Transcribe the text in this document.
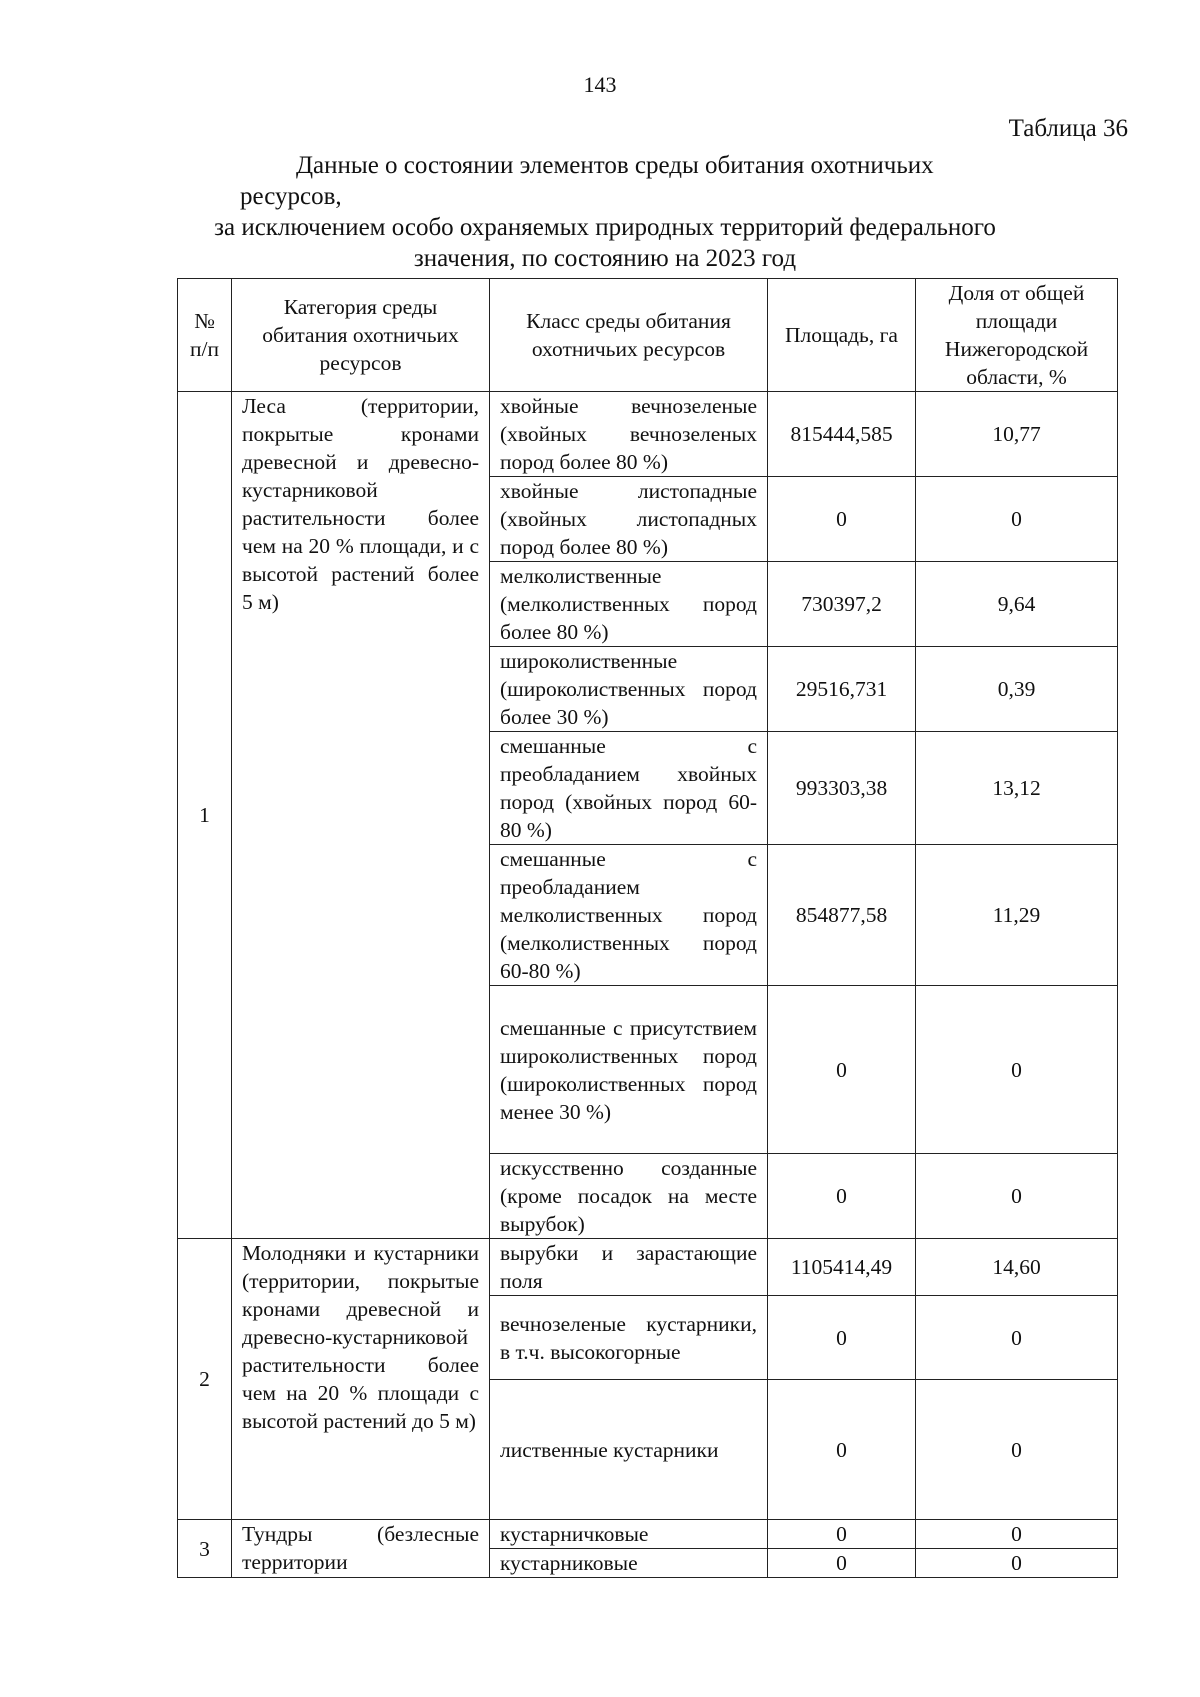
143
Таблица 36
Данные о состоянии элементов среды обитания охотничьих ресурсов,
за исключением особо охраняемых природных территорий федерального
значения, по состоянию на 2023 год
№ п/п	Категория среды обитания охотничьих ресурсов	Класс среды обитания охотничьих ресурсов	Площадь, га	Доля от общей площади Нижегородской области, %
1	Леса (территории, покрытые кронами древесной и древесно-кустарниковой растительности более чем на 20 % площади, и с высотой растений более 5 м)	хвойные вечнозеленые (хвойных вечнозеленых пород более 80 %)	815444,585	10,77
		хвойные листопадные (хвойных листопадных пород более 80 %)	0	0
		мелколиственные (мелколиственных пород более 80 %)	730397,2	9,64
		широколиственные (широколиственных пород более 30 %)	29516,731	0,39
		смешанные с преобладанием хвойных пород (хвойных пород 60-80 %)	993303,38	13,12
		смешанные с преобладанием мелколиственных пород (мелколиственных пород 60-80 %)	854877,58	11,29
		смешанные с присутствием широколиственных пород (широколиственных пород менее 30 %)	0	0
		искусственно созданные (кроме посадок на месте вырубок)	0	0
2	Молодняки и кустарники (территории, покрытые кронами древесной и древесно-кустарниковой растительности более чем на 20 % площади с высотой растений до 5 м)	вырубки и зарастающие поля	1105414,49	14,60
		вечнозеленые кустарники, в т.ч. высокогорные	0	0
		лиственные кустарники	0	0
3	Тундры (безлесные территории	кустарничковые	0	0
		кустарниковые	0	0
